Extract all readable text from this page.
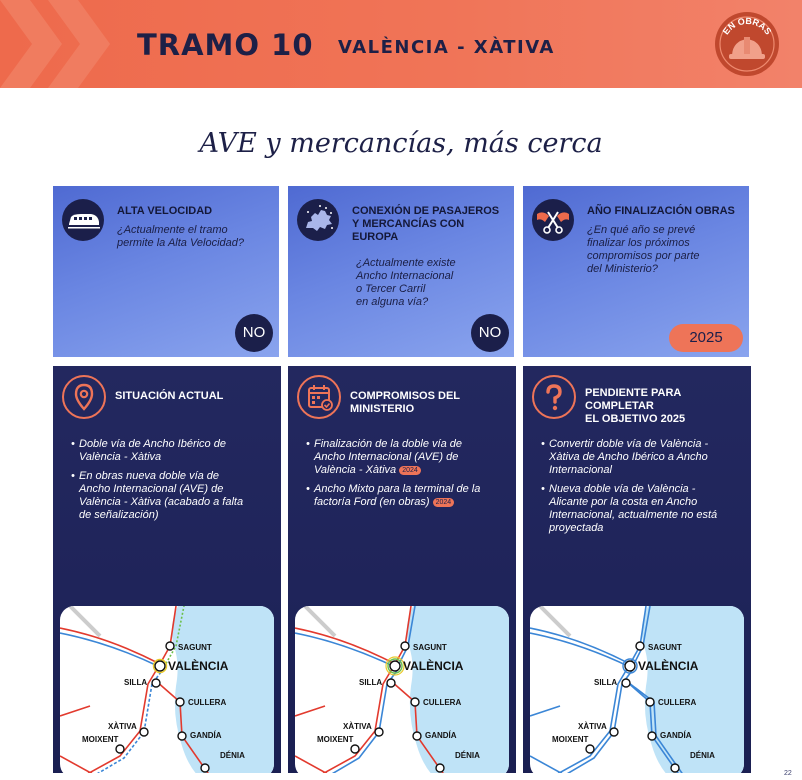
TRAMO 10 VALÈNCIA - XÀTIVA
EN OBRAS
AVE y mercancías, más cerca
ALTA VELOCIDAD
¿Actualmente el tramo
permite la Alta Velocidad?
NO
CONEXIÓN DE PASAJEROS
Y MERCANCÍAS CON
EUROPA
¿Actualmente existe
Ancho Internacional
o Tercer Carril
en alguna vía?
NO
AÑO FINALIZACIÓN OBRAS
¿En qué año se prevé
finalizar los próximos
compromisos por parte
del Ministerio?
2025
SITUACIÓN ACTUAL
• Doble vía de Ancho Ibérico de
València - Xàtiva
• En obras nueva doble vía de
Ancho Internacional (AVE) de
València - Xàtiva (acabado a falta
de señalización)
SAGUNT
VALÈNCIA
SILLA
CULLERA
XÀTIVA
MOIXENT	GANDÍA
DÉNIA
COMPROMISOS DEL MINISTERIO
• Finalización de la doble vía de
Ancho Internacional (AVE) de
València - Xàtiva 2024
• Ancho Mixto para la terminal de la
factoría Ford (en obras) 2024
SAGUNT
VALÈNCIA
SILLA
CULLERA
XÀTIVA
MOIXENT	GANDÍA
DÉNIA
PENDIENTE PARA COMPLETAR
EL OBJETIVO 2025
• Convertir doble vía de València -
Xàtiva de Ancho Ibérico a Ancho
Internacional
• Nueva doble vía de València -
Alicante por la costa en Ancho
Internacional, actualmente no está
proyectada
SAGUNT
VALÈNCIA
SILLA
CULLERA
XÀTIVA
MOIXENT	GANDÍA
DÉNIA
22
